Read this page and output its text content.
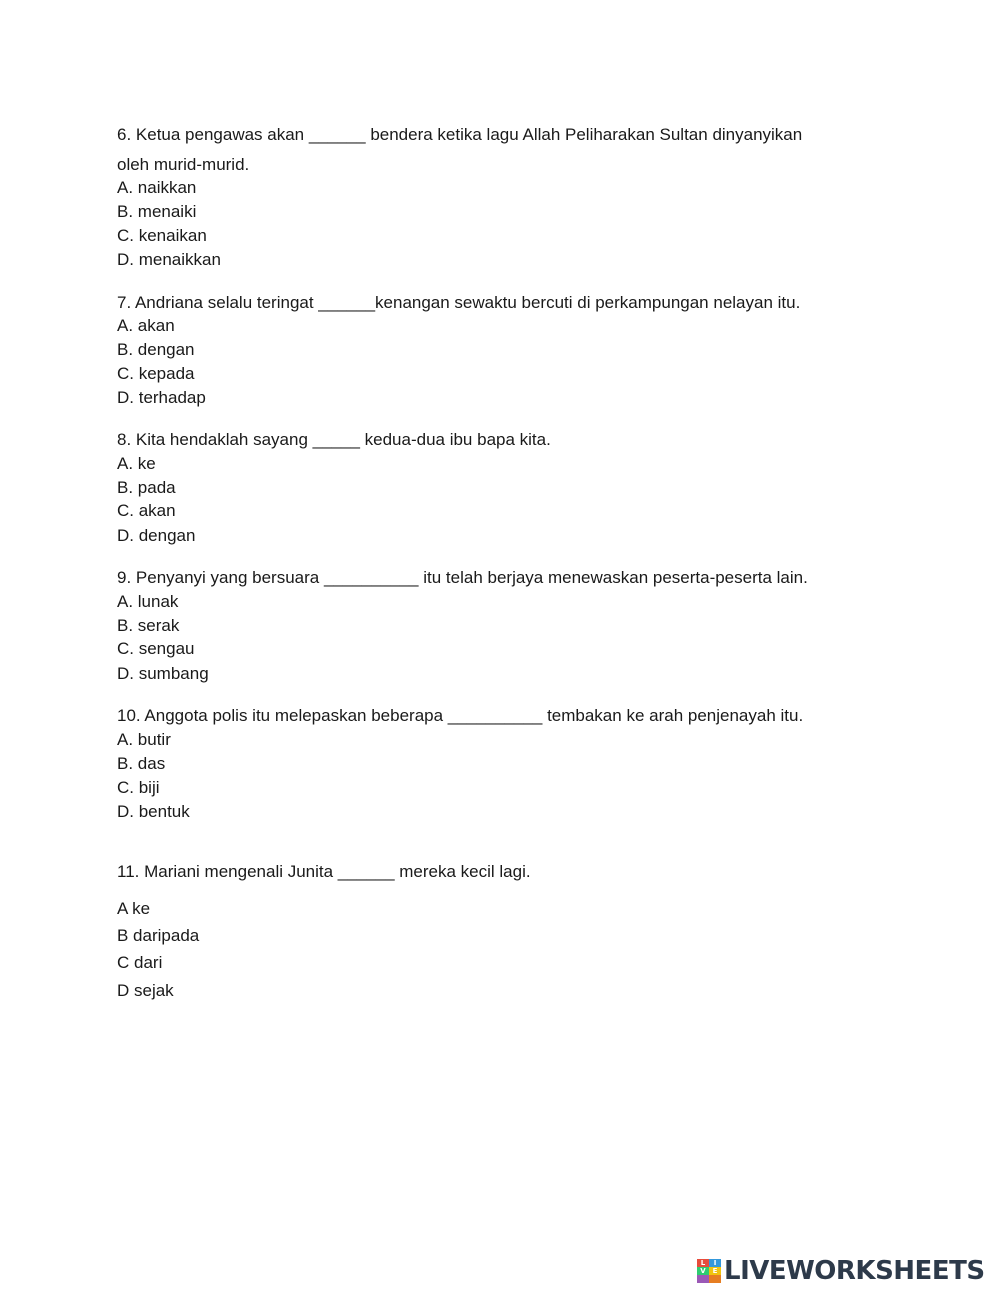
6. Ketua pengawas akan ______ bendera ketika lagu Allah Peliharakan Sultan dinyanyikan
oleh murid-murid.
A. naikkan
B. menaiki
C. kenaikan
D. menaikkan
7. Andriana selalu teringat ______kenangan sewaktu bercuti di perkampungan nelayan itu.
A. akan
B. dengan
C. kepada
D. terhadap
8. Kita hendaklah sayang _____ kedua-dua ibu bapa kita.
A. ke
B. pada
C. akan
D. dengan
9. Penyanyi yang bersuara __________ itu telah berjaya menewaskan peserta-peserta lain.
A. lunak
B. serak
C. sengau
D. sumbang
10. Anggota polis itu melepaskan beberapa __________ tembakan ke arah penjenayah itu.
A. butir
B. das
C. biji
D. bentuk
11. Mariani mengenali Junita ______ mereka kecil lagi.
A ke
B daripada
C dari
D sejak
L	I
V E LIVEWORKSHEETS
